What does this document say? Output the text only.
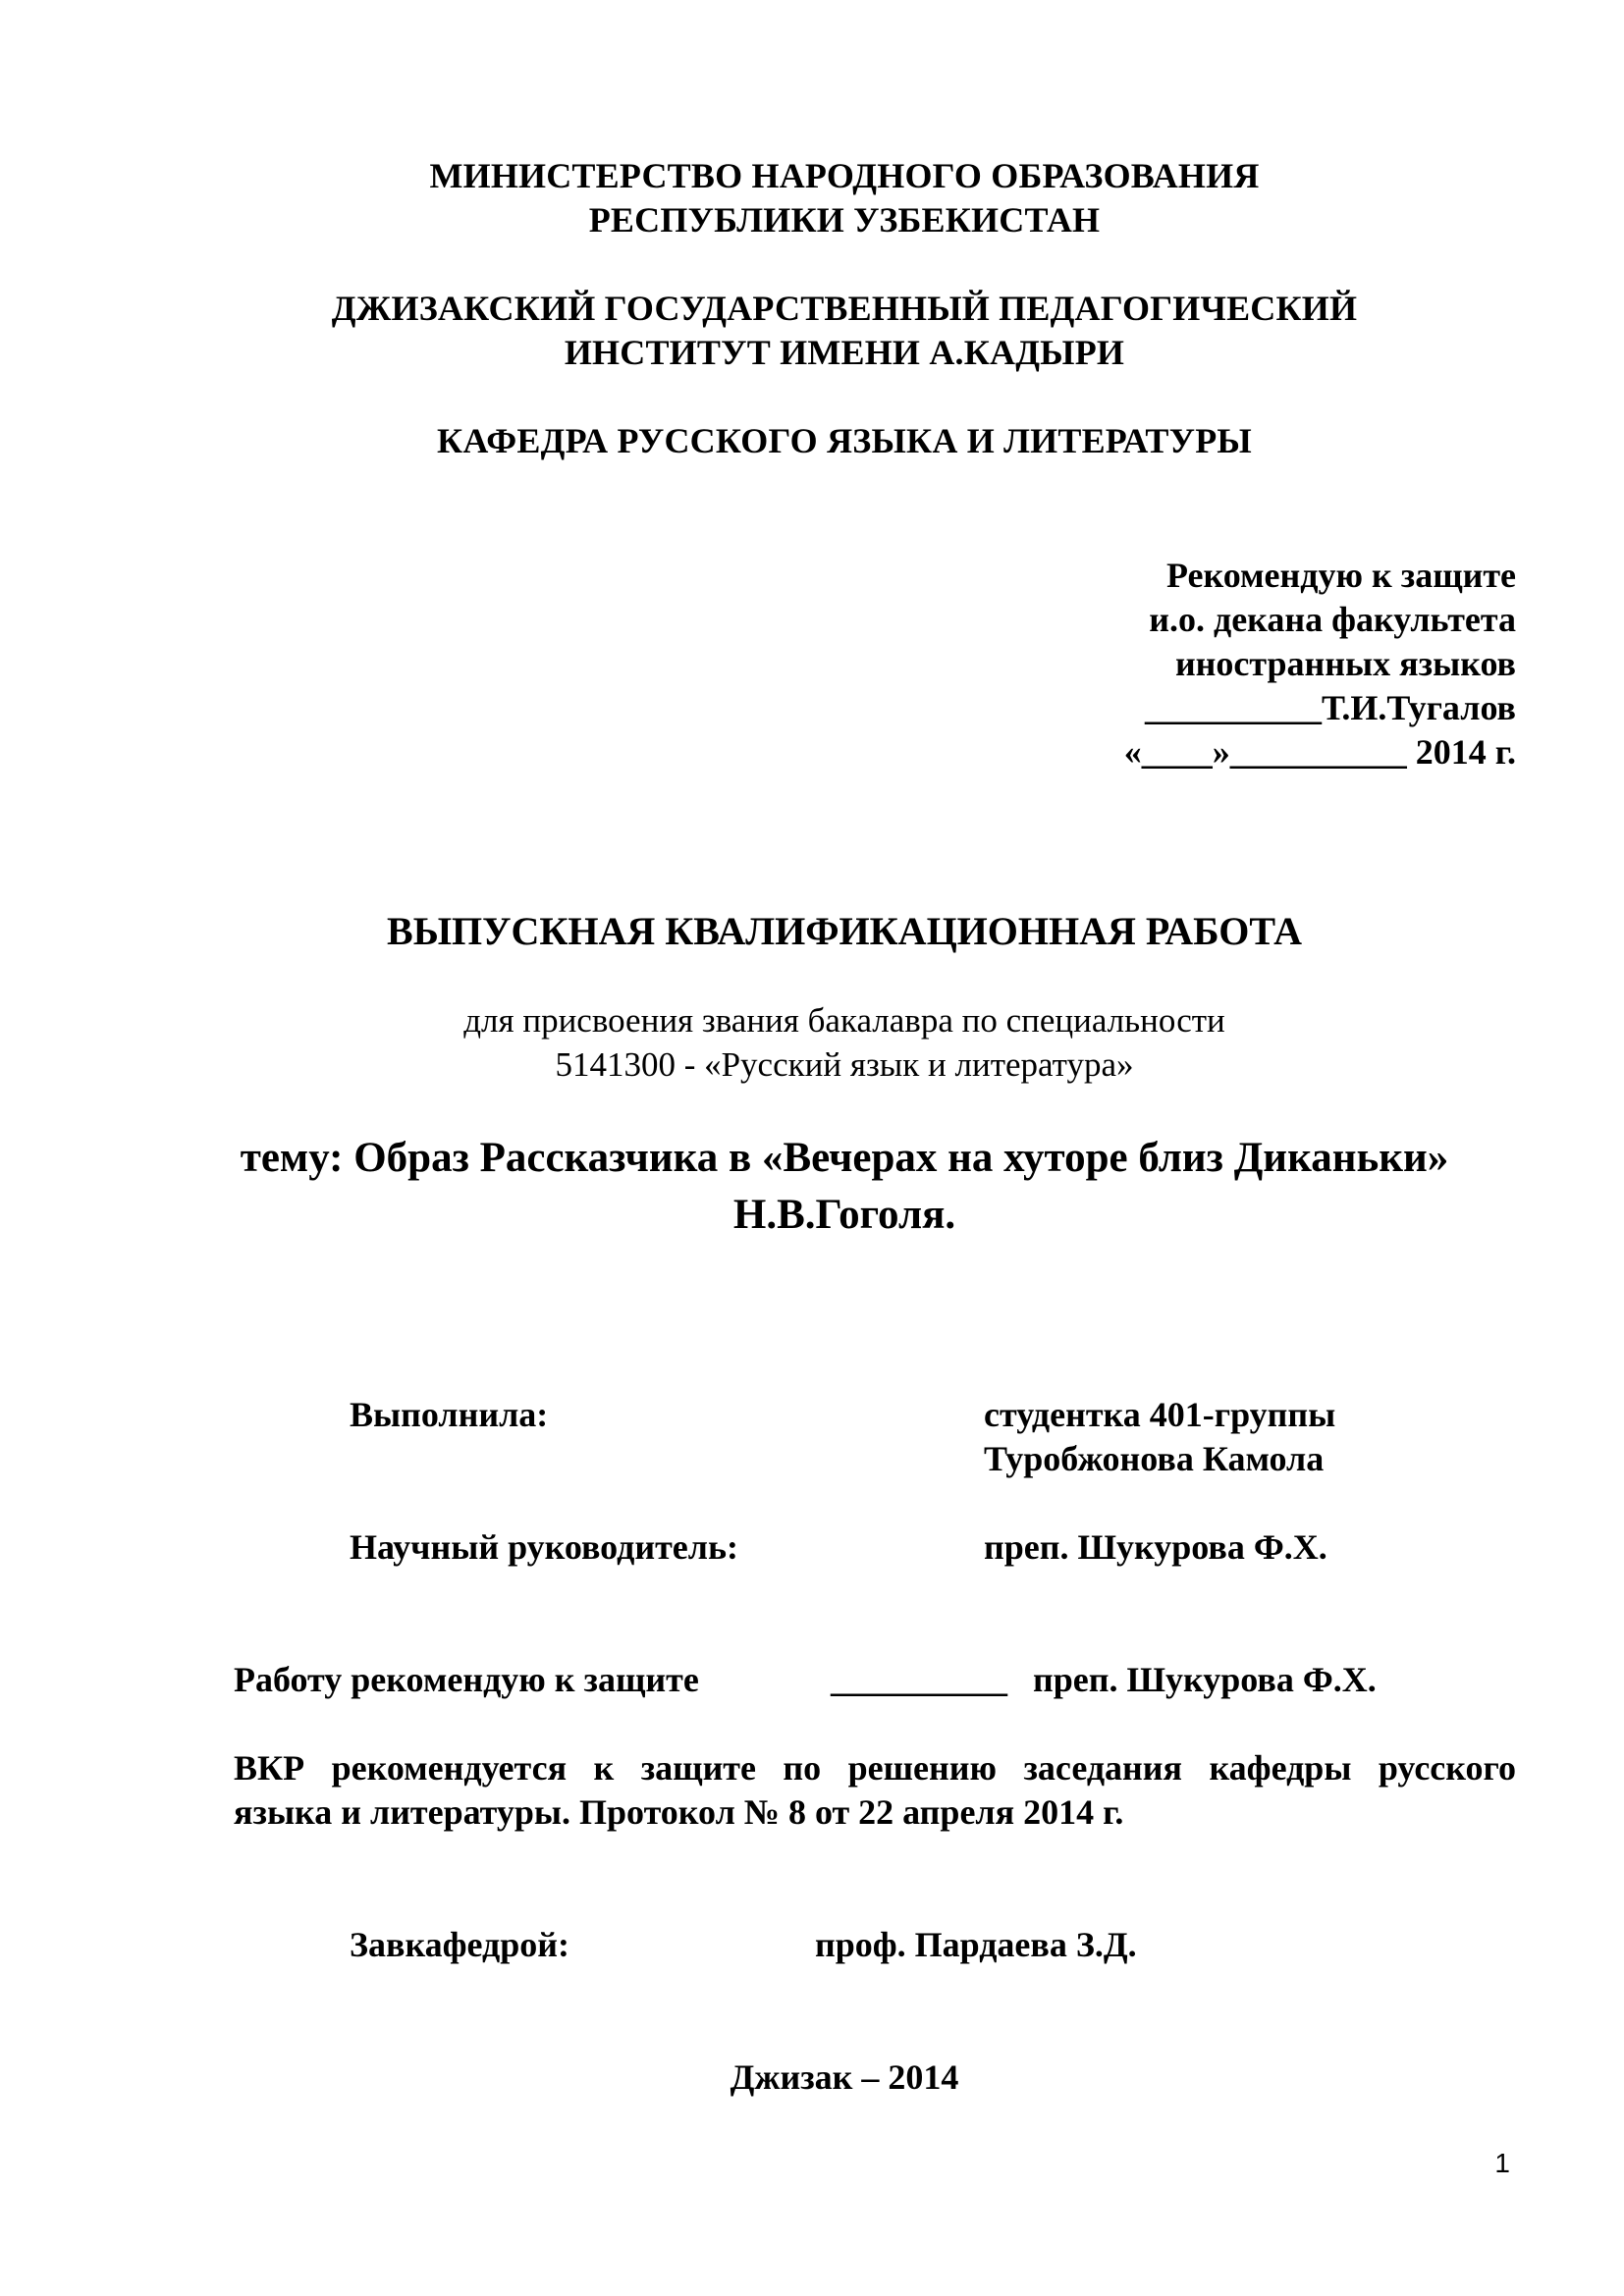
МИНИСТЕРСТВО НАРОДНОГО ОБРАЗОВАНИЯ
РЕСПУБЛИКИ УЗБЕКИСТАН
ДЖИЗАКСКИЙ ГОСУДАРСТВЕННЫЙ ПЕДАГОГИЧЕСКИЙ
ИНСТИТУТ ИМЕНИ А.КАДЫРИ
КАФЕДРА РУССКОГО ЯЗЫКА И ЛИТЕРАТУРЫ
Рекомендую к защите
и.о. декана факультета
иностранных языков
__________Т.И.Тугалов
«____»__________ 2014 г.
ВЫПУСКНАЯ КВАЛИФИКАЦИОННАЯ РАБОТА
для присвоения звания бакалавра по специальности
5141300 - «Русский язык и литература»
тему: Образ Рассказчика в «Вечерах на хуторе близ Диканьки»
Н.В.Гоголя.
Выполнила:	студентка 401-группы
Туробжонова Камола
Научный руководитель:	преп. Шукурова Ф.Х.
Работу рекомендую к защите	__________ преп. Шукурова Ф.Х.
ВКР рекомендуется к защите по решению заседания кафедры русского
языка и литературы. Протокол № 8 от 22 апреля 2014 г.
Завкафедрой:	проф. Пардаева З.Д.
Джизак – 2014
1
